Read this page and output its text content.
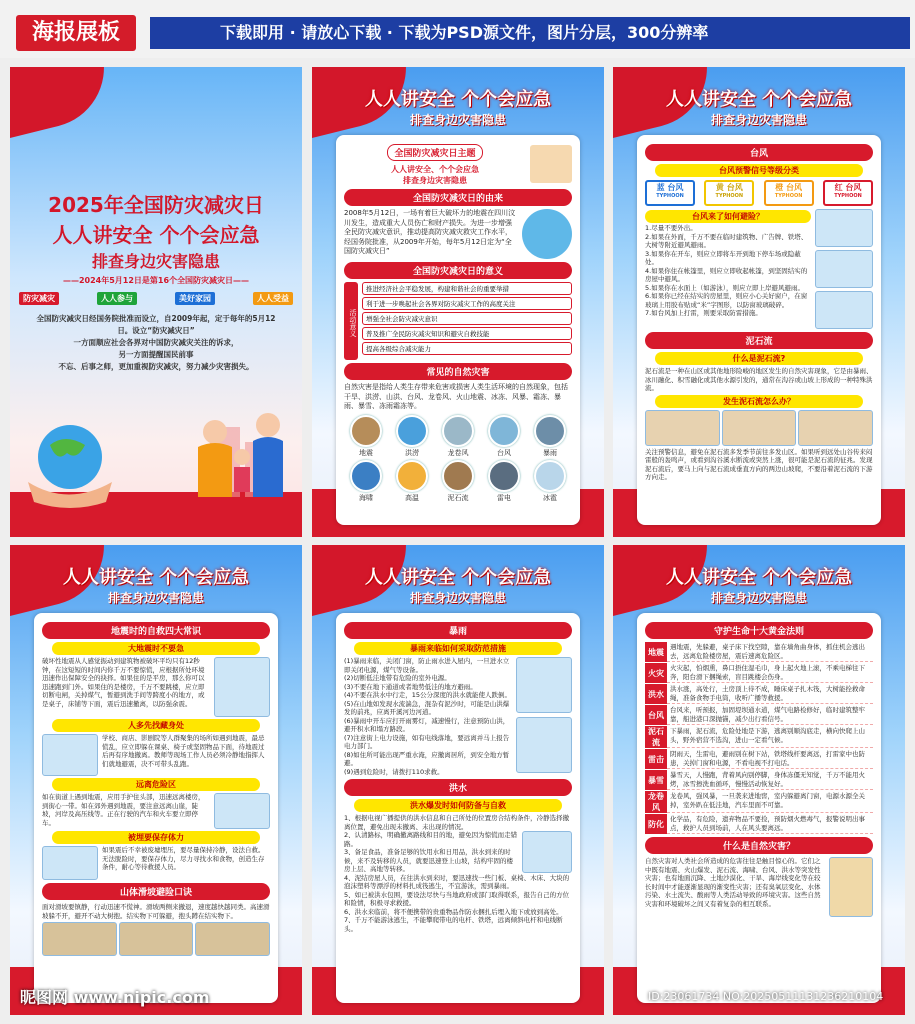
海报展板	下载即用 · 请放心下载 · 下载为PSD源文件，图片分层，300分辨率
2025年全国防灾减灾日
人人讲安全 个个会应急
排查身边灾害隐患
——2024年5月12日是第16个全国防灾减灾日——
防灾减灾	人人参与	美好家园	人人受益
全国防灾减灾日经国务院批准而设立，自2009年起，定于每年的5月12日。设立“防灾减灾日”
一方面顺应社会各界对中国防灾减灾关注的诉求，
另一方面提醒国民前事
不忘、后事之师，更加重视防灾减灾，努力减少灾害损失。
人人讲安全 个个会应急
排查身边灾害隐患
全国防灾减灾日主题
人人讲安全、个个会应急
排查身边灾害隐患
全国防灾减灾日的由来
2008年5月12日，一场有着巨大破坏力的地震在四川汶川发生，造成重大人员伤亡和财产损失。为进一步增强全民防灾减灾意识，推动提高防灾减灾救灾工作水平，经国务院批准，从2009年开始，每年5月12日定为“全国防灾减灾日”
全国防灾减灾日的意义
活动意义
推进经济社会平稳发展，构建和谐社会的重要举措
利于进一步唤起社会各界对防灾减灾工作的高度关注
增强全社会防灾减灾意识
普及推广全民防灾减灾知识和避灾自救技能
提高各级综合减灾能力
常见的自然灾害
自然灾害是指给人类生存带来危害或损害人类生活环境的自然现象，包括干旱、洪涝、山洪、台风、龙卷风、火山地震、冰冻、风暴、霜冻、暴雨、暴雪、冻雨霜冻等。
地震	洪涝	龙卷风	台风	暴雨
海啸	高温	泥石流	雷电	冰雹
人人讲安全 个个会应急
排查身边灾害隐患
台风
台风预警信号等级分类
蓝 台风
TYPHOON
黄 台风
TYPHOON
橙 台风
TYPHOON
红 台风
TYPHOON
台风来了如何避险？
1.尽量不要外出。
2.如果在外面，千万不要在临时建筑物、广告牌、铁塔、大树等附近避风避雨。
3.如果你在开车，则应立即将车开到地下停车场或隐蔽处。
4.如果你住在帐篷里，则应立即收起帐篷，到坚固结实的房屋中避风。
5.如果你在水面上（如游泳），则应立即上岸避风避雨。
6.如果你已经在结实的房屋里，则应小心关好窗户，在窗玻璃上用胶布贴成“米”字图形，以防窗玻璃破碎。
7.如台风加上打雷，则要采取防雷措施。
泥石流
什么是泥石流?
泥石流是一种在山区或其他地形险峻的地区发生的自然灾害现象，它是由暴雨、冰川融化、积雪融化或其他水源引发的，通常在沟谷或山坡上形成的一种特殊洪流。
发生泥石流怎么办？
关注预警信息，避免在泥石流多发季节前往多发山区。如果听到远处山谷传来闷雷般的轰鸣声，或看到沟谷溪水断流或突然上涨，很可能是泥石流的征兆。发现泥石流后，要马上向与泥石流成垂直方向的两边山坡爬，不要沿着泥石流的下游方向走。
人人讲安全 个个会应急
排查身边灾害隐患
地震时的自救四大常识
大地震时不要急
破坏性地震从人感觉振动到建筑物被破坏平均只有12秒钟，在这短短的时间内你千万不要惊慌，应根据所处环境迅速作出保障安全的抉择。如果住的是平房，那么你可以迅速跑到门外。如果住的是楼房，千万不要跳楼，应立即切断电闸，关掉煤气，暂避到洗手间等跨度小的地方，或是桌子，床铺等下面，震后迅速撤离，以防强余震。
人多先找藏身处
学校、商店、影剧院等人群聚集的场所如遇到地震，最忌慌乱，应立即躲在课桌、椅子或坚固物品下面，待地震过后再有序地撤离。教师等现场工作人员必须冷静地指挥人们就地避震，决不可带头乱跑。
远离危险区
如在街道上遇到地震，应用手护住头部，迅速远离楼房，到街心一带。如在郊外遇到地震，要注意远离山崖，陡坡，河岸及高压线等。正在行驶的汽车和火车要立即停车。
被埋要保存体力
如果震后不幸被废墟埋压，要尽量保持冷静，设法自救。无法脱险时，要保存体力，尽力寻找水和食物，创造生存条件，耐心等待救援人员。
山体滑坡避险口诀
面对滑坡要镇静，行动迅速不慌神。滑坡两侧来撤退，速度越快越同类。高速滑坡躲不开，避开不动大树抱。结实物下可躲避，抱头蹲在结实物下。
人人讲安全 个个会应急
排查身边灾害隐患
暴雨
暴雨来临如何采取防范措施
(1)暴雨来临，关闭门窗，防止雨水进入屋内，一旦进水立即关闭电源，煤气等设备。
(2)切断低洼地带有危险的室外电源。
(3)不要在地下通道或者地势低洼的地方避雨。
(4)不要在洪水中行走，15公分深度的洪水就能使人跌倒。
(5)在山地如发现水流湍急，混杂有泥沙时，可能是山洪爆发的前兆，应离开溪河边河道。
(6)暴雨中开车应打开雨雾灯，减速慢行，注意预防山洪，避开积水和塌方路段。
(7)注意街上电力设施，如有电线落地，要远离并马上报告电力部门。
(8)如住所可能出现严重水淹，应撤离居所，到安全地方暂避。
(9)遇到危险时，请拨打110求救。
洪水
洪水爆发时如何防备与自救
1、根据电视广播提供的洪水信息和自己所处的位置房合结构条件，冷静选择撤离位置，避免出现未撤离、未出现的情况。
2、认清路标，明确撤离路线和目的地，避免因为惊慌而走错路。
3、备足食品，准备足够的饮用水和日用品，洪水到来的时候，来不及转移的人员，就要迅速登上山坡，结构牢固的楼房上层、高地等转移。
4、泥结房屋人员，在往洪水到来时，要迅速找一些门板、桌椅、木床、大块的泡沫塑料等漂浮的材料扎成筏逃生，不宜游泳，需到暴雨。
5、如已被洪水包围，要设法尽快与当地政府或部门取得联系，报告自己的方位和险情，积极寻求救援。
6、洪水来临前，将不便携带的贵重物品作防水捆扎后埋入地下或放到高处。
7、千万不能游泳逃生，不能攀爬带电的电杆、铁塔，远离倾斜电杆和电线断头。
人人讲安全 个个会应急
排查身边灾害隐患
守护生命十大黄金法则
地震
遇地震，先躲避，桌子床下找空隙，靠在墙角曲身体，抓住机会逃出去，远离危险楼房屋，震后速离危险区。
火灾
火灾起，怕烟熏，鼻口捂住湿毛巾，身上起火地上滚，不乘电梯往下奔，阳台滑下捆绳索，盲目跳楼会伤身。
洪水
洪水涨，高处行，土房顶上待不成，睡床桌子扎木筏，大树能拴救命绳，准备食物手电筒，收听广播等救援。
台风
台风来，听预报，加固堤坝通水道，煤气电路检修好，临时建筑整牢靠，船进港口深抛锚，减少出行看信号。
泥石流
下暴雨，泥石流，危险处地是下游，逃离别顺沟底走，横向快爬上山头，野外宿营不选沟，进山一定看气候。
雷击
阴雨天，生雷电，避雨别在树下站，铁塔线杆要离远，打雷家中也防患，关掉门窗和电源，不看电视不打电话。
暴雪
暴雪天，人慢跑，背着风向别停脚，身体冻僵无知觉，千万不能用火烤，冰雪擦洗血循环，慢慢活动恢复好。
龙卷风
龙卷风，强风暴，一旦袭来进地窖，室内躲避离门窗，电源水源全关掉，室外趴在低洼地，汽车里面不可靠。
防化
化学品，有危险，遗弃物品不要捡，预防烟火燃毒气，报警说明出事点，救护人员到场前，人在风头要离远。
什么是自然灾害？
自然灾害对人类社会所造成的危害往往是触目惊心的。它们之中既有地震、火山爆发、泥石流、海啸、台风、洪水等突发性灾害；也有地面沉降、土地沙漠化、干旱、海岸线变化等在较长时间中才能逐渐显现的渐变性灾害；还有臭氧层变化、水体污染、水土流失、酸雨等人类活动导致的环境灾害。这些自然灾害和环境破坏之间又有着复杂的相互联系。
昵图网 www.nipic.com	ID:23061734 NO:20250511131236210104
